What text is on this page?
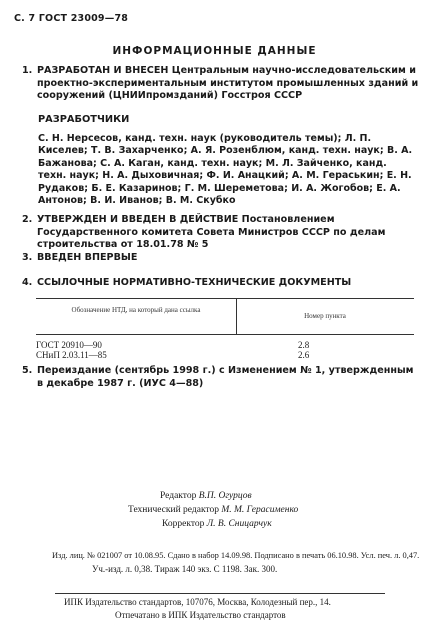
С. 7 ГОСТ 23009—78
ИНФОРМАЦИОННЫЕ ДАННЫЕ
1. РАЗРАБОТАН И ВНЕСЕН Центральным научно-исследовательским и проектно-экспериментальным институтом промышленных зданий и сооружений (ЦНИИпромзданий) Госстроя СССР
РАЗРАБОТЧИКИ
С. Н. Нерсесов, канд. техн. наук (руководитель темы); Л. П. Киселев; Т. В. Захарченко; А. Я. Розенблюм, канд. техн. наук; В. А. Бажанова; С. А. Каган, канд. техн. наук; М. Л. Зайченко, канд. техн. наук; Н. А. Дыховичная; Ф. И. Анацкий; А. М. Гераськин; Е. Н. Рудаков; Б. Е. Казаринов; Г. М. Шереметова; И. А. Жогобов; Е. А. Антонов; В. И. Иванов; В. М. Скубко
2. УТВЕРЖДЕН И ВВЕДЕН В ДЕЙСТВИЕ Постановлением Государственного комитета Совета Министров СССР по делам строительства от 18.01.78 № 5
3. ВВЕДЕН ВПЕРВЫЕ
4. ССЫЛОЧНЫЕ НОРМАТИВНО-ТЕХНИЧЕСКИЕ ДОКУМЕНТЫ
Обозначение НТД, на который дана ссылка
Номер пункта
ГОСТ 20910—90	2.8
СНиП 2.03.11—85	2.6
5. Переиздание (сентябрь 1998 г.) с Изменением № 1, утвержденным в декабре 1987 г. (ИУС 4—88)
Редактор В.П. Огурцов
Технический редактор М. М. Герасименко
Корректор Л. В. Сницарчук
Изд. лиц. № 021007 от 10.08.95. Сдано в набор 14.09.98. Подписано в печать 06.10.98. Усл. печ. л. 0,47.
Уч.-изд. л. 0,38. Тираж 140 экз. С 1198. Зак. 300.
ИПК Издательство стандартов, 107076, Москва, Колодезный пер., 14.
Отпечатано в ИПК Издательство стандартов
